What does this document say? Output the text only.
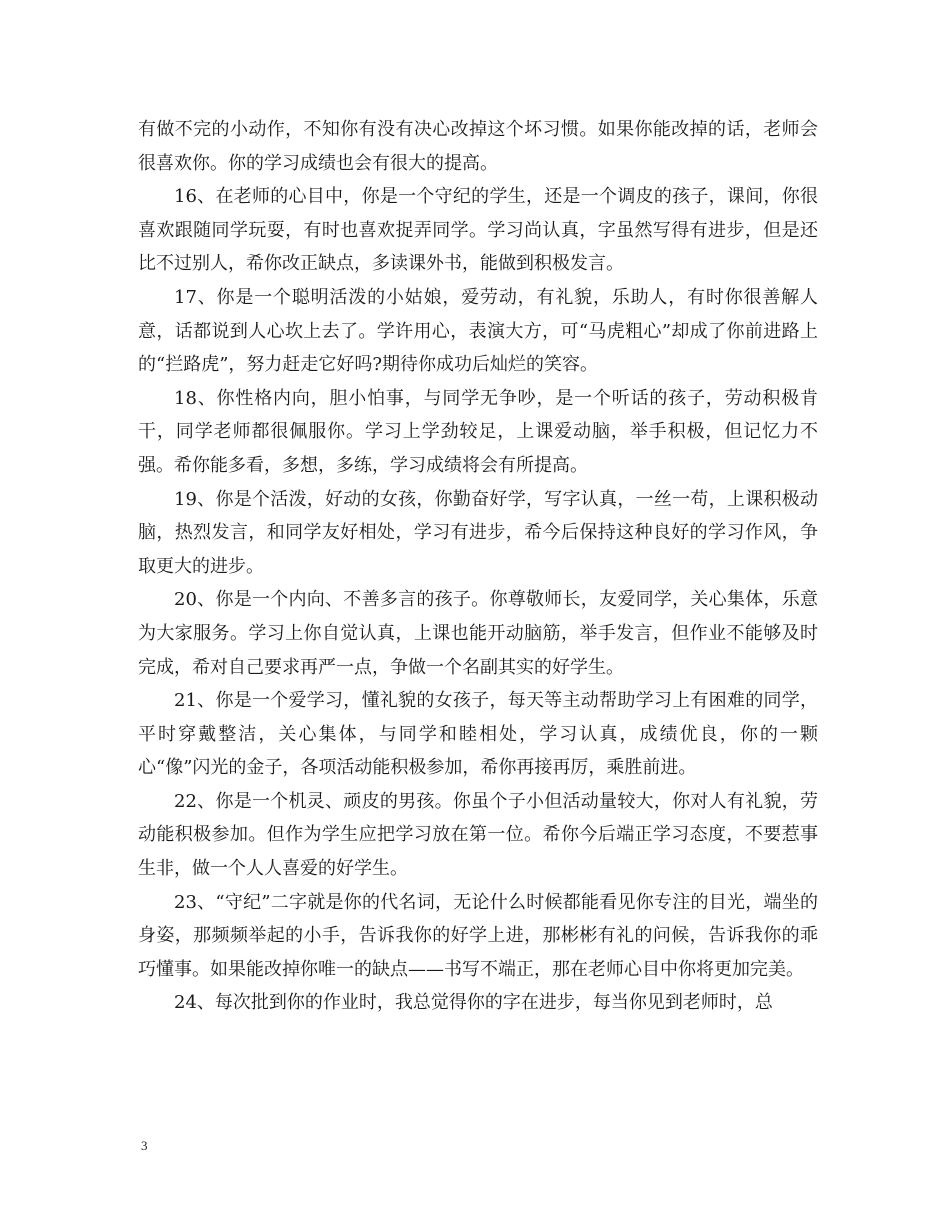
有做不完的小动作，不知你有没有决心改掉这个坏习惯。如果你能改掉的话，老师会很喜欢你。你的学习成绩也会有很大的提高。

16、在老师的心目中，你是一个守纪的学生，还是一个调皮的孩子，课间，你很喜欢跟随同学玩耍，有时也喜欢捉弄同学。学习尚认真，字虽然写得有进步，但是还比不过别人，希你改正缺点，多读课外书，能做到积极发言。

17、你是一个聪明活泼的小姑娘，爱劳动，有礼貌，乐助人，有时你很善解人意，话都说到人心坎上去了。学许用心，表演大方，可“马虎粗心”却成了你前进路上的“拦路虎”，努力赶走它好吗?期待你成功后灿烂的笑容。

18、你性格内向，胆小怕事，与同学无争吵，是一个听话的孩子，劳动积极肯干，同学老师都很佩服你。学习上学劲较足，上课爱动脑，举手积极，但记忆力不强。希你能多看，多想，多练，学习成绩将会有所提高。

19、你是个活泼，好动的女孩，你勤奋好学，写字认真，一丝一苟，上课积极动脑，热烈发言，和同学友好相处，学习有进步，希今后保持这种良好的学习作风，争取更大的进步。

20、你是一个内向、不善多言的孩子。你尊敬师长，友爱同学，关心集体，乐意为大家服务。学习上你自觉认真，上课也能开动脑筋，举手发言，但作业不能够及时完成，希对自己要求再严一点，争做一个名副其实的好学生。

21、你是一个爱学习，懂礼貌的女孩子，每天等主动帮助学习上有困难的同学，平时穿戴整洁，关心集体，与同学和睦相处，学习认真，成绩优良，你的一颗心“像”闪光的金子，各项活动能积极参加，希你再接再厉，乘胜前进。

22、你是一个机灵、顽皮的男孩。你虽个子小但活动量较大，你对人有礼貌，劳动能积极参加。但作为学生应把学习放在第一位。希你今后端正学习态度，不要惹事生非，做一个人人喜爱的好学生。

23、“守纪”二字就是你的代名词，无论什么时候都能看见你专注的目光，端坐的身姿，那频频举起的小手，告诉我你的好学上进，那彬彬有礼的问候，告诉我你的乖巧懂事。如果能改掉你唯一的缺点——书写不端正，那在老师心目中你将更加完美。

24、每次批到你的作业时，我总觉得你的字在进步，每当你见到老师时，总

3
